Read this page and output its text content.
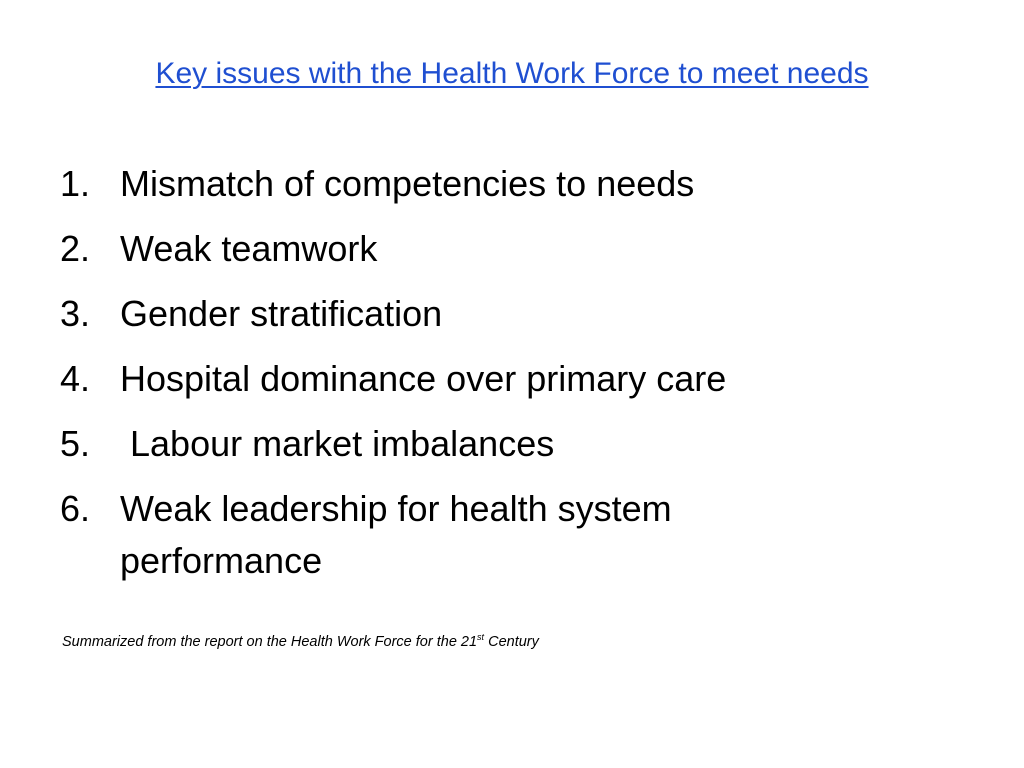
Key issues with the Health Work Force to meet needs
1. Mismatch of competencies to needs
2. Weak teamwork
3. Gender stratification
4. Hospital dominance over primary care
5. Labour market imbalances
6. Weak leadership for health system performance

Summarized from the report on the Health Work Force for the 21st Century
